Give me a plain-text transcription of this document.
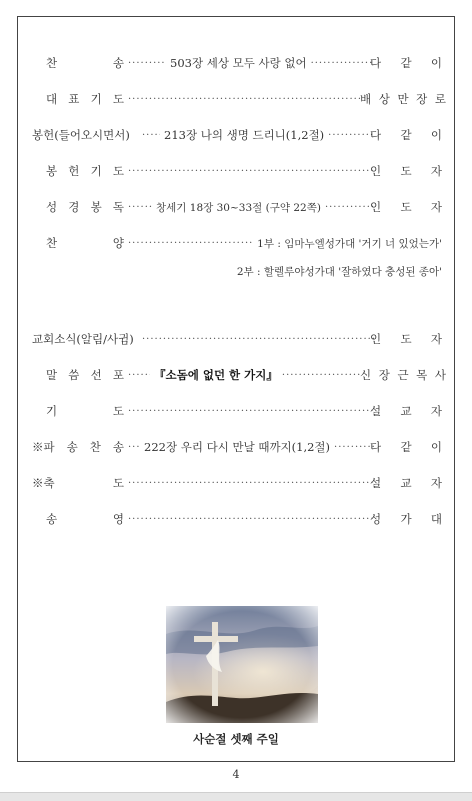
찬	송 ·····	503장 세상 모두 사랑 없어 ·····	다 같 이
대 표 기 도 ·····	배 상 만 장 로
봉헌(들어오시면서) ·····	213장 나의 생명 드리니(1,2절) ·····	다 같 이
봉 헌 기 도 ·····	인 도 자
성 경 봉 독 ·····	창세기 18장 30~33절 (구약 22쪽) ·····	인 도 자
찬	양 ·····	1부 : 임마누엘성가대 '거기 너 있었는가'
2부 : 할렐루야성가대 '잘하였다 충성된 종아'
교회소식(알림/사귐) ·····	인 도 자
말 씀 선 포 ·····	『소돔에 없던 한 가지』 ·····	신 장 근 목 사
기	도 ·····	설 교 자
※파 송 찬 송 ·····	222장 우리 다시 만날 때까지(1,2절) ·····	다 같 이
※축	도 ·····	설 교 자
송	영 ·····	성 가 대
사순절 셋째 주일
4
